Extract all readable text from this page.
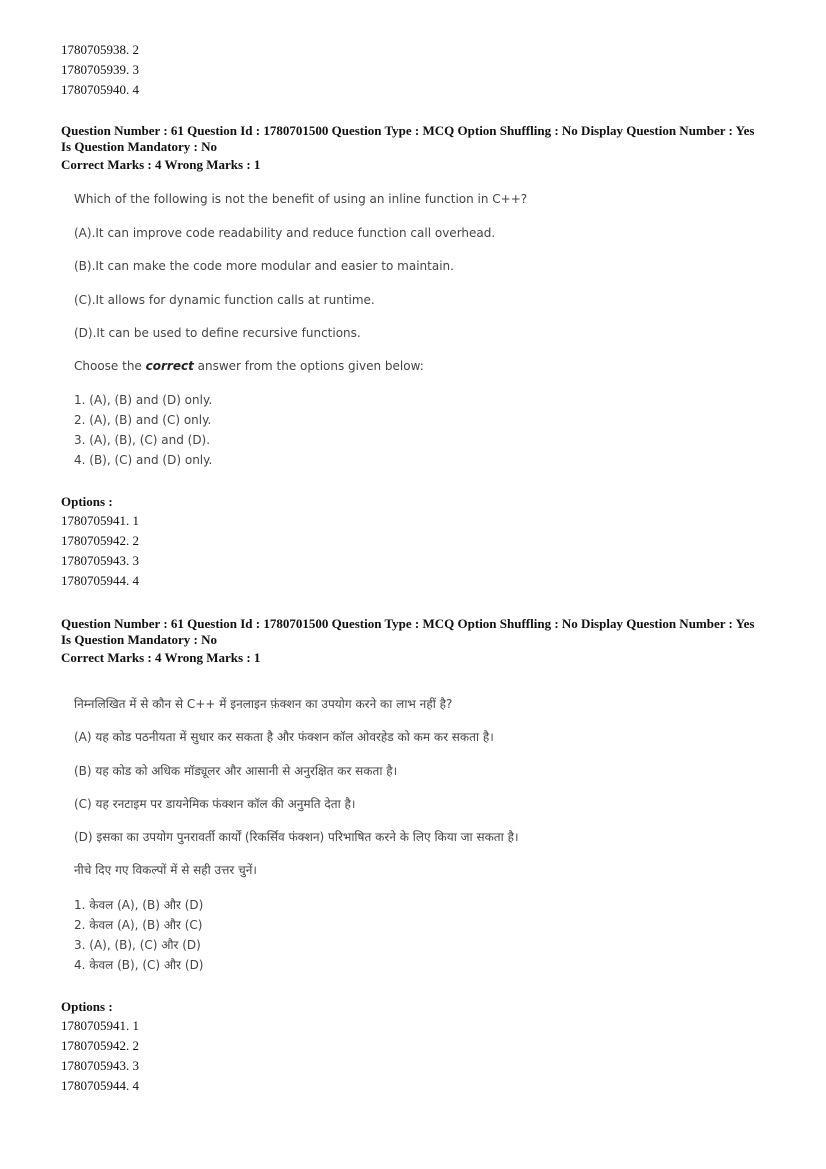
1780705938. 2
1780705939. 3
1780705940. 4
Question Number : 61 Question Id : 1780701500 Question Type : MCQ Option Shuffling : No Display Question Number : Yes
Is Question Mandatory : No
Correct Marks : 4 Wrong Marks : 1
Which of the following is not the benefit of using an inline function in C++?
(A).It can improve code readability and reduce function call overhead.
(B).It can make the code more modular and easier to maintain.
(C).It allows for dynamic function calls at runtime.
(D).It can be used to define recursive functions.
Choose the correct answer from the options given below:
1. (A), (B) and (D) only.
2. (A), (B) and (C) only.
3. (A), (B), (C) and (D).
4. (B), (C) and (D) only.
Options :
1780705941. 1
1780705942. 2
1780705943. 3
1780705944. 4
Question Number : 61 Question Id : 1780701500 Question Type : MCQ Option Shuffling : No Display Question Number : Yes
Is Question Mandatory : No
Correct Marks : 4 Wrong Marks : 1
निम्नलिखित में से कौन से C++ में इनलाइन फ़ंक्शन का उपयोग करने का लाभ नहीं है?
(A) यह कोड पठनीयता में सुधार कर सकता है और फंक्शन कॉल ओवरहेड को कम कर सकता है।
(B) यह कोड को अधिक मॉड्यूलर और आसानी से अनुरक्षित कर सकता है।
(C) यह रनटाइम पर डायनेमिक फंक्शन कॉल की अनुमति देता है।
(D) इसका का उपयोग पुनरावर्ती कार्यों (रिकर्सिव फंक्शन) परिभाषित करने के लिए किया जा सकता है।
नीचे दिए गए विकल्पों में से सही उत्तर चुनें।
1. केवल (A), (B) और (D)
2. केवल (A), (B) और (C)
3. (A), (B), (C) और (D)
4. केवल (B), (C) और (D)
Options :
1780705941. 1
1780705942. 2
1780705943. 3
1780705944. 4
